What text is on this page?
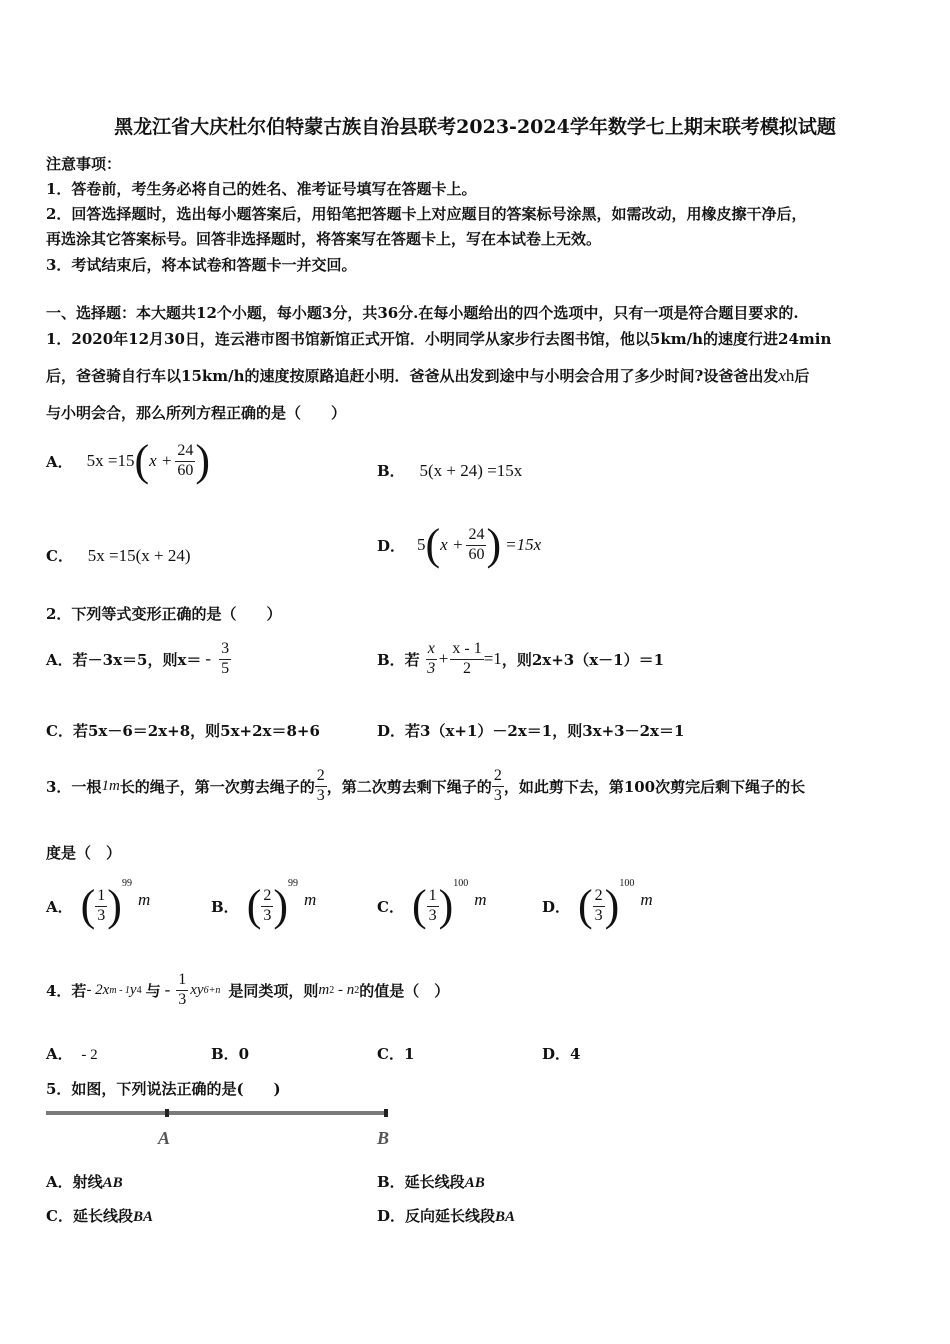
黑龙江省大庆杜尔伯特蒙古族自治县联考2023-2024学年数学七上期末联考模拟试题
注意事项：
1．答卷前，考生务必将自己的姓名、准考证号填写在答题卡上。
2．回答选择题时，选出每小题答案后，用铅笔把答题卡上对应题目的答案标号涂黑，如需改动，用橡皮擦干净后，
再选涂其它答案标号。回答非选择题时，将答案写在答题卡上，写在本试卷上无效。
3．考试结束后，将本试卷和答题卡一并交回。
一、选择题：本大题共12个小题，每小题3分，共36分.在每小题给出的四个选项中，只有一项是符合题目要求的.
1．2020年12月30日，连云港市图书馆新馆正式开馆．小明同学从家步行去图书馆，他以5km/h的速度行进24min
后，爸爸骑自行车以15km/h的速度按原路追赶小明．爸爸从出发到途中与小明会合用了多少时间?设爸爸出发xh后
与小明会合，那么所列方程正确的是（　　）
A． 5x =15 ( $x + \frac{24}{60}$ )	B． 5(x + 24) =15x
C． 5x =15(x + 24)
D． 5 ( $x + \frac{24}{60}$ ) =15x
2．下列等式变形正确的是（　　）
A．若－3x＝5，则$x= - \frac{3}{5}$	B．若 $\frac{x}{3} + \frac{x - 1}{2} =1$ ，则2x+3（x－1）＝1
C．若5x－6＝2x+8，则5x+2x＝8+6	D．若3（x+1）－2x＝1，则3x+3－2x＝1
3．一根 1m 长的绳子，第一次剪去绳子的 $\frac{2}{3}$ ，第二次剪去剩下绳子的 $\frac{2}{3}$ ，如此剪下去，第100次剪完后剩下绳子的长
度是（　）
A． ( $\frac{1}{3}$ ) 99
m	B． ( $\frac{2}{3}$ ) 99
m	C． ( $\frac{1}{3}$ ) 100
m	D． ( $\frac{2}{3}$ ) 100
m
4．若 - 2x m - 1 y 4 与 - $\frac{1}{3}$ xy 6+n 是同类项，则 m 2 - n 2 的值是（　）
A． - 2	B．0	C．1	D．4
5．如图，下列说法正确的是(　　)
A	B
A．射线AB	B．延长线段AB
C．延长线段BA	D．反向延长线段BA
